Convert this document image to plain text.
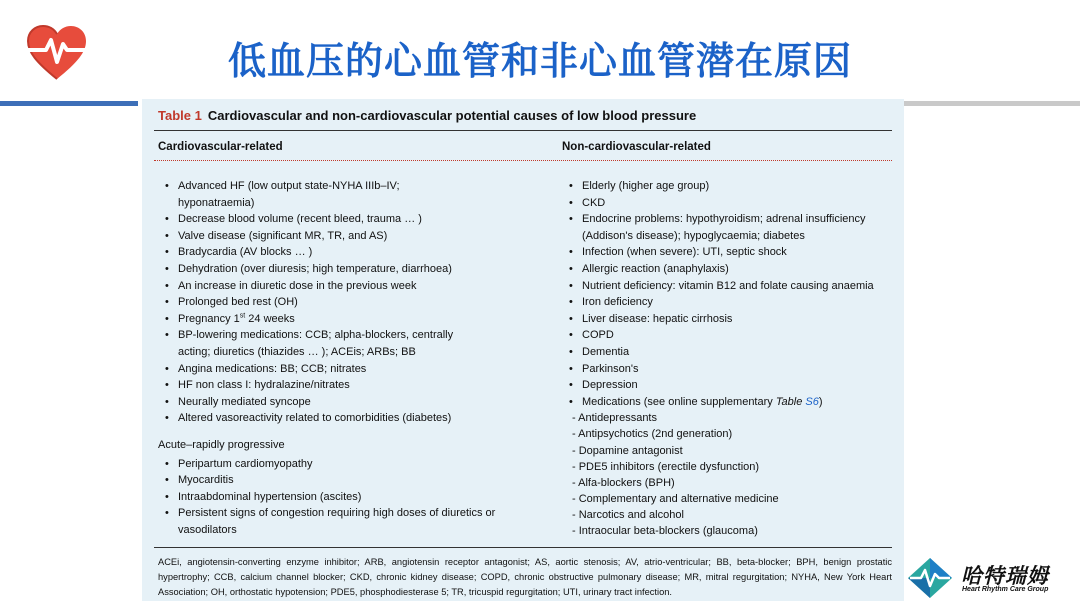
低血压的心血管和非心血管潜在原因
Table 1 Cardiovascular and non-cardiovascular potential causes of low blood pressure
Cardiovascular-related	Non-cardiovascular-related
• Advanced HF (low output state-NYHA IIIb–IV;
hyponatraemia)
• Decrease blood volume (recent bleed, trauma … )
• Valve disease (significant MR, TR, and AS)
• Bradycardia (AV blocks … )
• Dehydration (over diuresis; high temperature, diarrhoea)
• An increase in diuretic dose in the previous week
• Prolonged bed rest (OH)
• Pregnancy 1st 24 weeks
• BP-lowering medications: CCB; alpha-blockers, centrally
acting; diuretics (thiazides … ); ACEis; ARBs; BB
• Angina medications: BB; CCB; nitrates
• HF non class I: hydralazine/nitrates
• Neurally mediated syncope
• Altered vasoreactivity related to comorbidities (diabetes)
Acute–rapidly progressive
• Peripartum cardiomyopathy
• Myocarditis
• Intraabdominal hypertension (ascites)
• Persistent signs of congestion requiring high doses of diuretics or
vasodilators
• Elderly (higher age group)
• CKD
• Endocrine problems: hypothyroidism; adrenal insufficiency
(Addison's disease); hypoglycaemia; diabetes
• Infection (when severe): UTI, septic shock
• Allergic reaction (anaphylaxis)
• Nutrient deficiency: vitamin B12 and folate causing anaemia
• Iron deficiency
• Liver disease: hepatic cirrhosis
• COPD
• Dementia
• Parkinson's
• Depression
• Medications (see online supplementary Table S6)
- Antidepressants
- Antipsychotics (2nd generation)
- Dopamine antagonist
- PDE5 inhibitors (erectile dysfunction)
- Alfa-blockers (BPH)
- Complementary and alternative medicine
- Narcotics and alcohol
- Intraocular beta-blockers (glaucoma)
ACEi, angiotensin-converting enzyme inhibitor; ARB, angiotensin receptor antagonist; AS, aortic stenosis; AV, atrio-ventricular; BB, beta-blocker; BPH, benign prostatic hypertrophy; CCB, calcium channel blocker; CKD, chronic kidney disease; COPD, chronic obstructive pulmonary disease; MR, mitral regurgitation; NYHA, New York Heart Association; OH, orthostatic hypotension; PDE5, phosphodiesterase 5; TR, tricuspid regurgitation; UTI, urinary tract infection.
哈特瑞姆
Heart Rhythm Care Group
